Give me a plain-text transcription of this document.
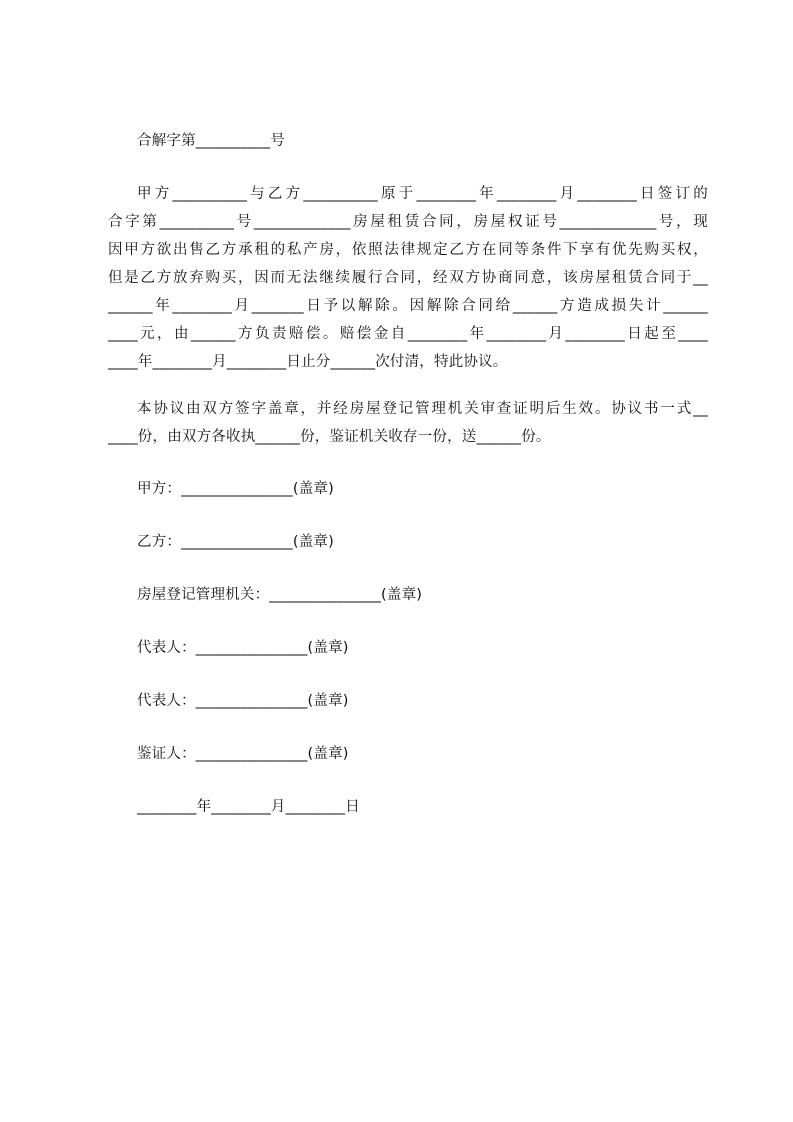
合解字第__________号
甲方__________与乙方__________原于________年________月________日签订的
合字第__________号_____________房屋租赁合同，房屋权证号_____________号，现
因甲方欲出售乙方承租的私产房，依照法律规定乙方在同等条件下享有优先购买权，
但是乙方放弃购买，因而无法继续履行合同，经双方协商同意，该房屋租赁合同于__
______年________月_______日予以解除。因解除合同给______方造成损失计______
____元，由______方负责赔偿。赔偿金自________年________月________日起至____
____年________月________日止分______次付清，特此协议。
本协议由双方签字盖章，并经房屋登记管理机关审查证明后生效。协议书一式__
____份，由双方各收执______份，鉴证机关收存一份，送______份。
甲方：_______________(盖章)
乙方：_______________(盖章)
房屋登记管理机关：_______________(盖章)
代表人：_______________(盖章)
代表人：_______________(盖章)
鉴证人：_______________(盖章)
________年________月________日
